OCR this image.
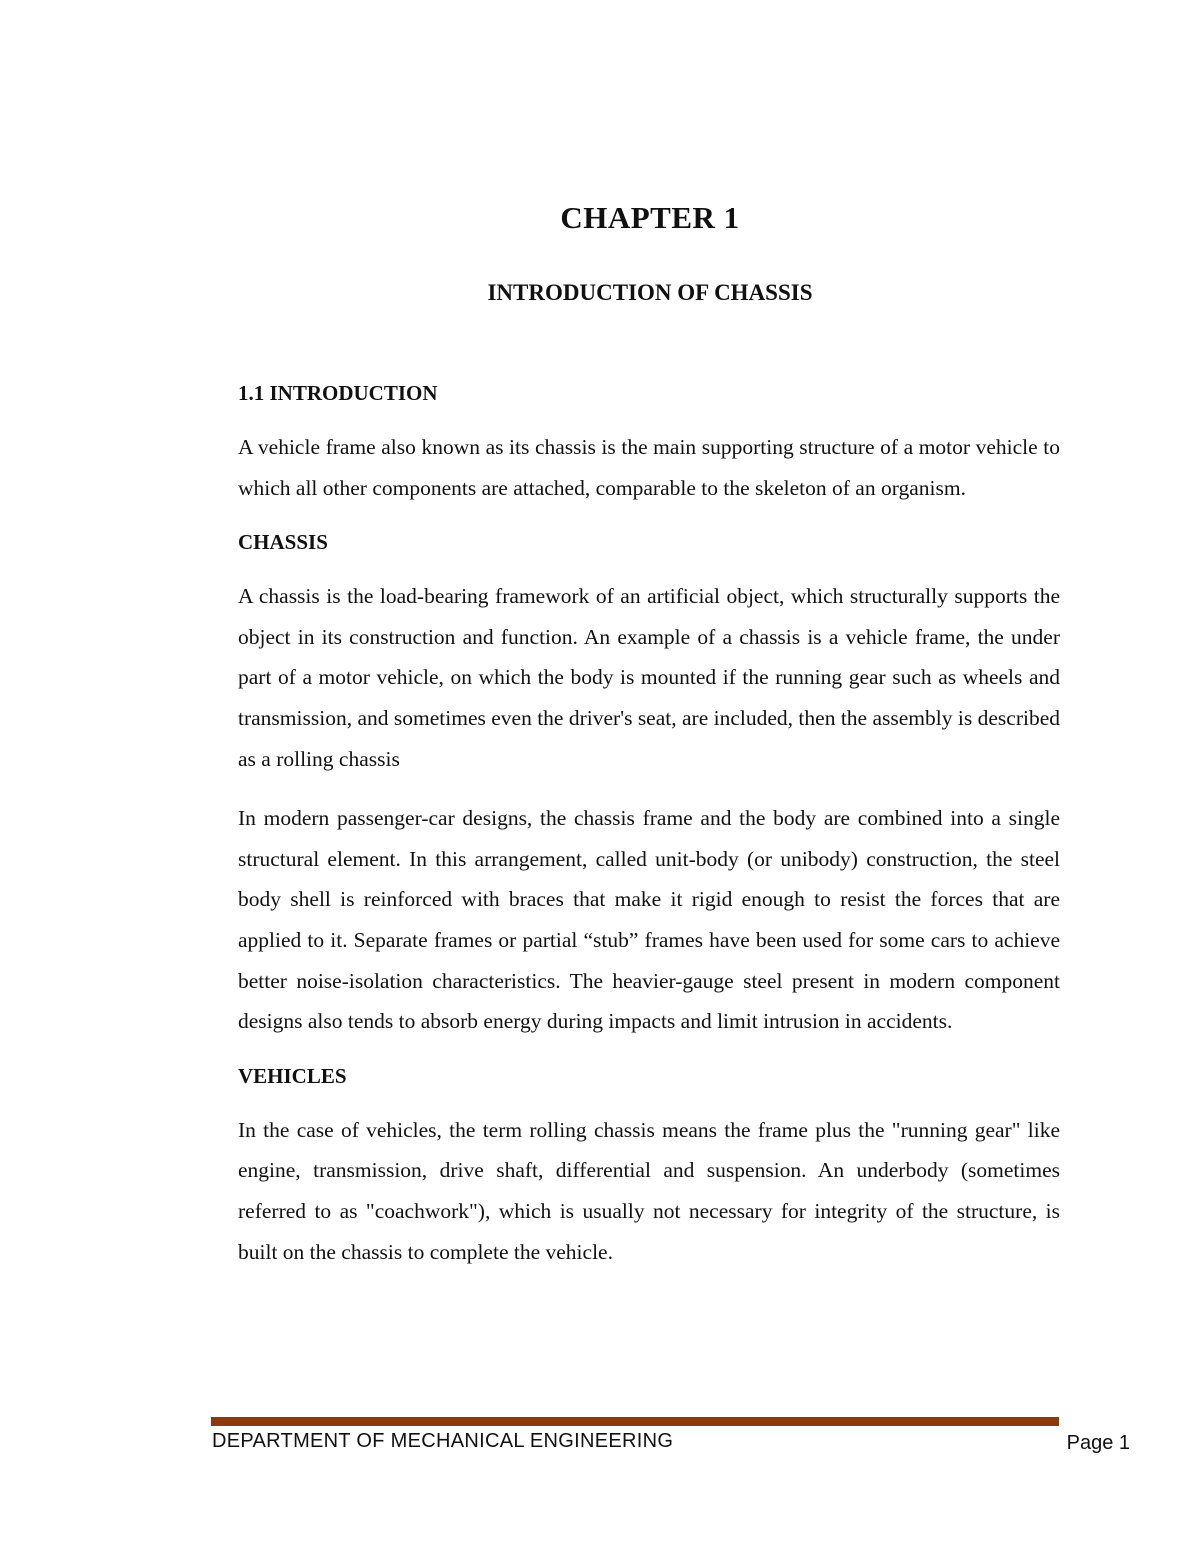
CHAPTER 1
INTRODUCTION OF CHASSIS
1.1 INTRODUCTION

A vehicle frame also known as its chassis is the main supporting structure of a motor vehicle to which all other components are attached, comparable to the skeleton of an organism.

CHASSIS

A chassis is the load-bearing framework of an artificial object, which structurally supports the object in its construction and function. An example of a chassis is a vehicle frame, the under part of a motor vehicle, on which the body is mounted if the running gear such as wheels and transmission, and sometimes even the driver's seat, are included, then the assembly is described as a rolling chassis

In modern passenger-car designs, the chassis frame and the body are combined into a single structural element. In this arrangement, called unit-body (or unibody) construction, the steel body shell is reinforced with braces that make it rigid enough to resist the forces that are applied to it. Separate frames or partial “stub” frames have been used for some cars to achieve better noise-isolation characteristics. The heavier-gauge steel present in modern component designs also tends to absorb energy during impacts and limit intrusion in accidents.

VEHICLES

In the case of vehicles, the term rolling chassis means the frame plus the "running gear" like engine, transmission, drive shaft, differential and suspension. An underbody (sometimes referred to as "coachwork"), which is usually not necessary for integrity of the structure, is built on the chassis to complete the vehicle.

DEPARTMENT OF MECHANICAL ENGINEERING	Page 1
